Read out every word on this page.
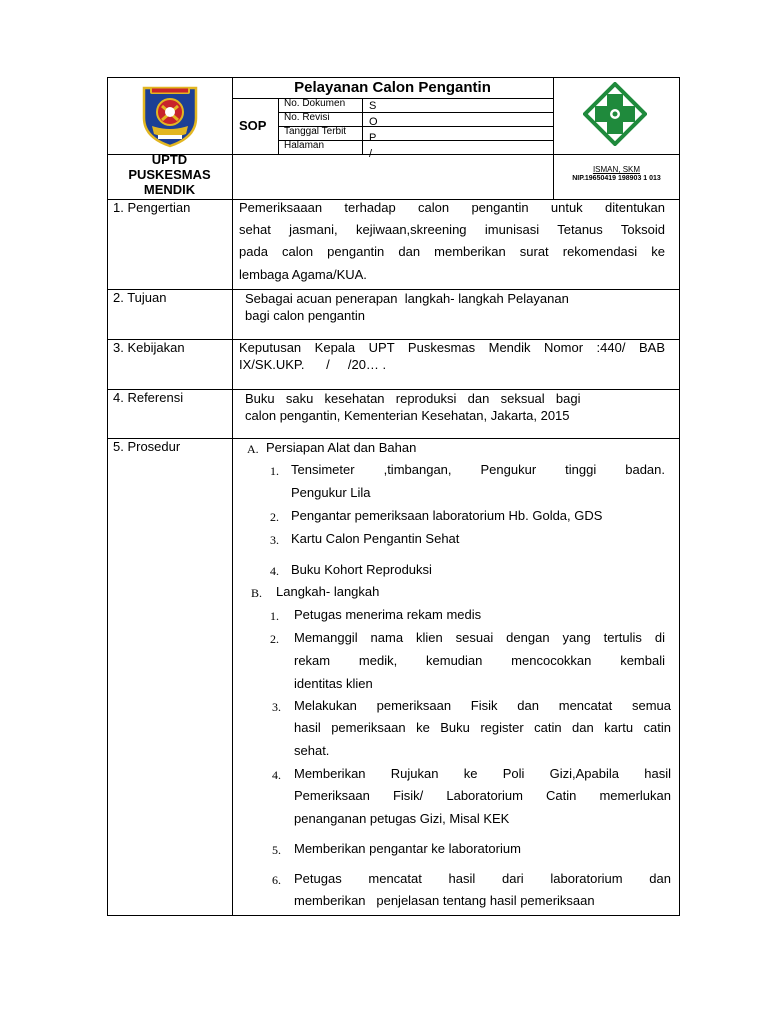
Pelayanan Calon Pengantin
SOP
No. Dokumen
No. Revisi
Tanggal Terbit
Halaman
S
O
P
/
UPTD
PUSKESMAS
MENDIK
ISMAN, SKM
NIP.19650419 198903 1 013
1. Pengertian
2. Tujuan
3. Kebijakan
4. Referensi
5. Prosedur
Pemeriksaaan terhadap calon pengantin untuk ditentukan
sehat jasmani, kejiwaan,skreening imunisasi Tetanus Toksoid
pada calon pengantin dan memberikan surat rekomendasi ke
lembaga Agama/KUA.
Sebagai acuan penerapan  langkah- langkah Pelayanan
bagi calon pengantin
Keputusan Kepala UPT Puskesmas Mendik Nomor :440/ BAB
IX/SK.UKP.      /     /20… .
Buku  saku  kesehatan  reproduksi  dan  seksual  bagi
calon pengantin, Kementerian Kesehatan, Jakarta, 2015
A. Persiapan Alat dan Bahan
1. Tensimeter ,timbangan, Pengukur tinggi badan.
Pengukur Lila
2. Pengantar pemeriksaan laboratorium Hb. Golda, GDS
3. Kartu Calon Pengantin Sehat
4. Buku Kohort Reproduksi
B. Langkah- langkah
1. Petugas menerima rekam medis
2. Memanggil nama klien sesuai dengan yang tertulis di
rekam medik, kemudian mencocokkan kembali
identitas klien
3. Melakukan pemeriksaan Fisik dan mencatat semua
hasil pemeriksaan ke Buku register catin dan kartu catin
sehat.
4. Memberikan Rujukan ke Poli Gizi,Apabila hasil
Pemeriksaan Fisik/ Laboratorium Catin memerlukan
penanganan petugas Gizi, Misal KEK
5. Memberikan pengantar ke laboratorium
6. Petugas mencatat hasil dari laboratorium dan
memberikan   penjelasan tentang hasil pemeriksaan
